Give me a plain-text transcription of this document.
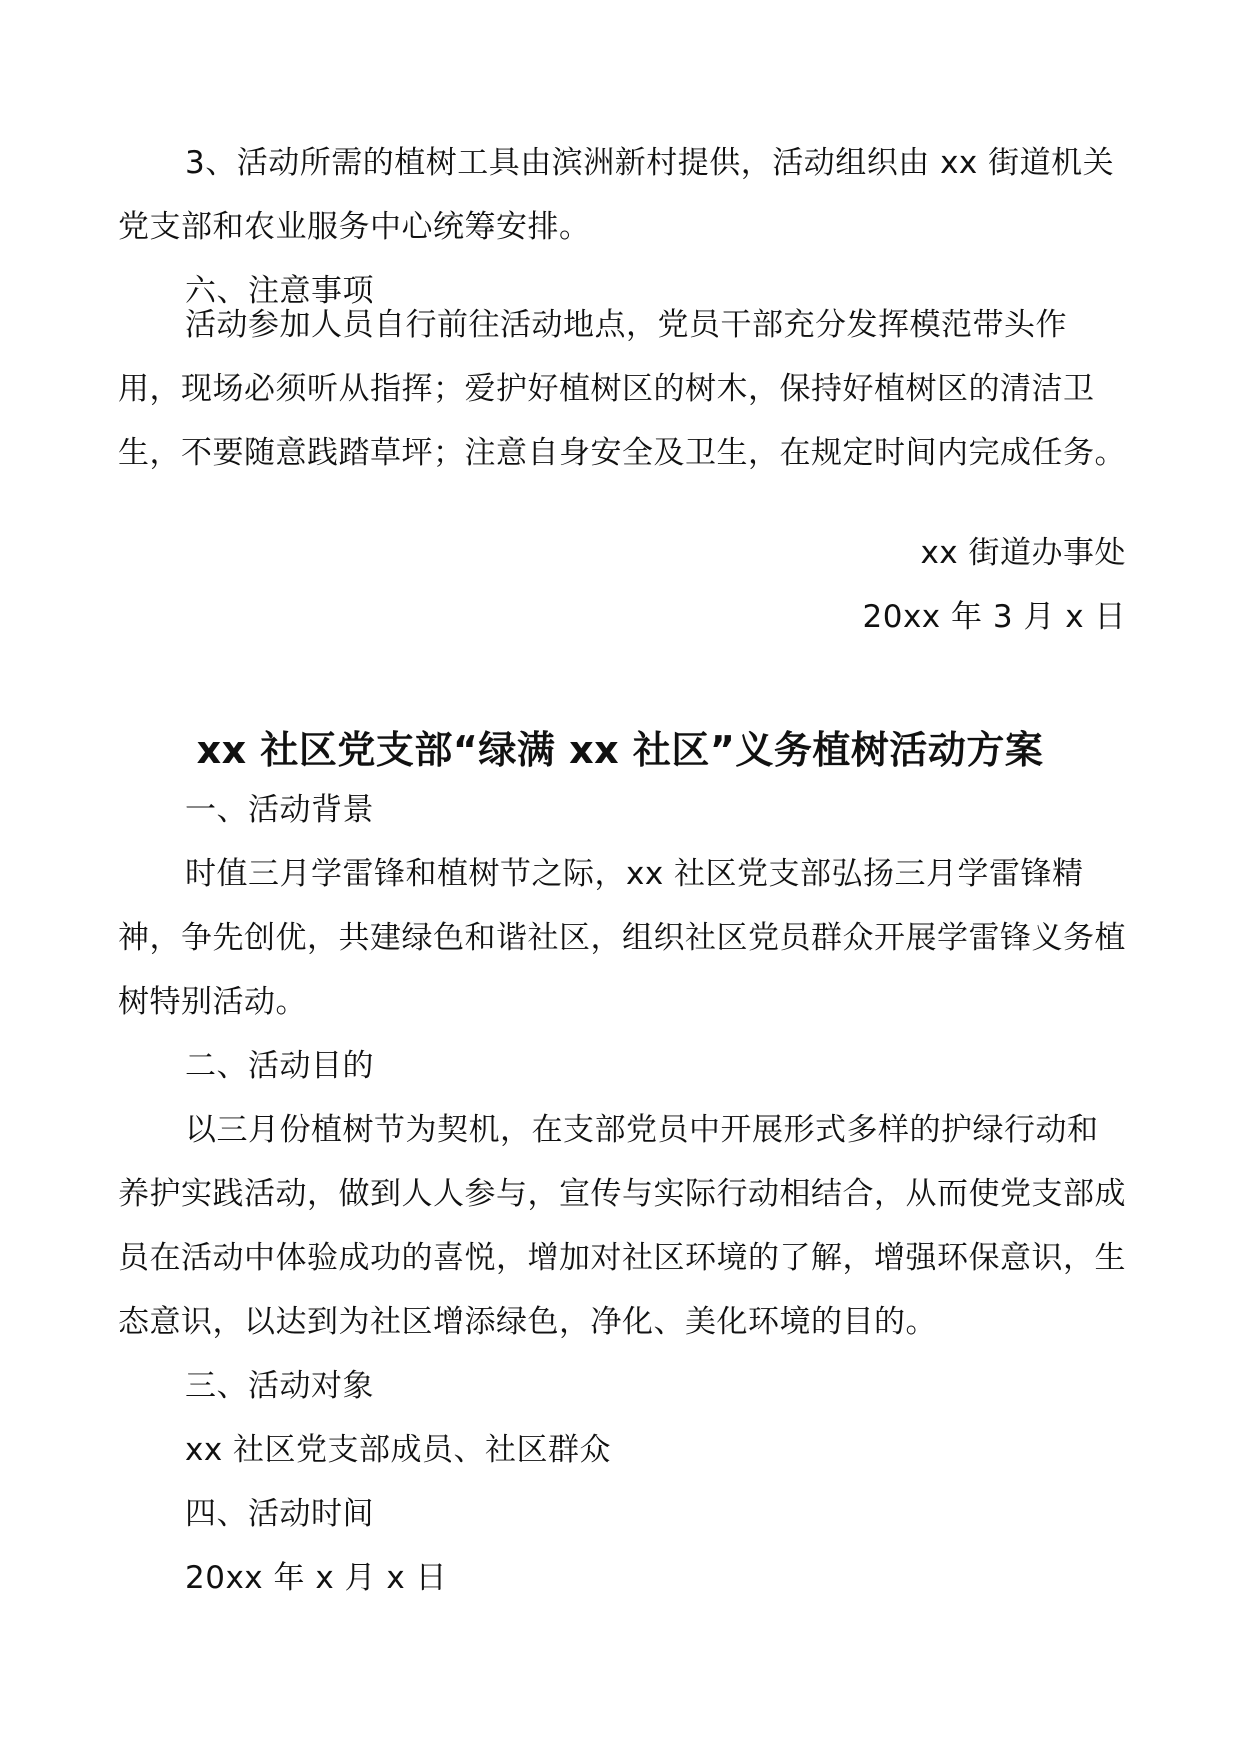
3、活动所需的植树工具由滨洲新村提供，活动组织由 xx 街道机关党支部和农业服务中心统筹安排。

六、注意事项

活动参加人员自行前往活动地点，党员干部充分发挥模范带头作用，现场必须听从指挥；爱护好植树区的树木，保持好植树区的清洁卫生，不要随意践踏草坪；注意自身安全及卫生，在规定时间内完成任务。

xx 街道办事处

20xx 年 3 月 x 日

xx 社区党支部“绿满 xx 社区”义务植树活动方案

一、活动背景

时值三月学雷锋和植树节之际，xx 社区党支部弘扬三月学雷锋精神，争先创优，共建绿色和谐社区，组织社区党员群众开展学雷锋义务植树特别活动。

二、活动目的

以三月份植树节为契机，在支部党员中开展形式多样的护绿行动和养护实践活动，做到人人参与，宣传与实际行动相结合，从而使党支部成员在活动中体验成功的喜悦，增加对社区环境的了解，增强环保意识，生态意识，以达到为社区增添绿色，净化、美化环境的目的。

三、活动对象

xx 社区党支部成员、社区群众

四、活动时间

20xx 年 x 月 x 日
